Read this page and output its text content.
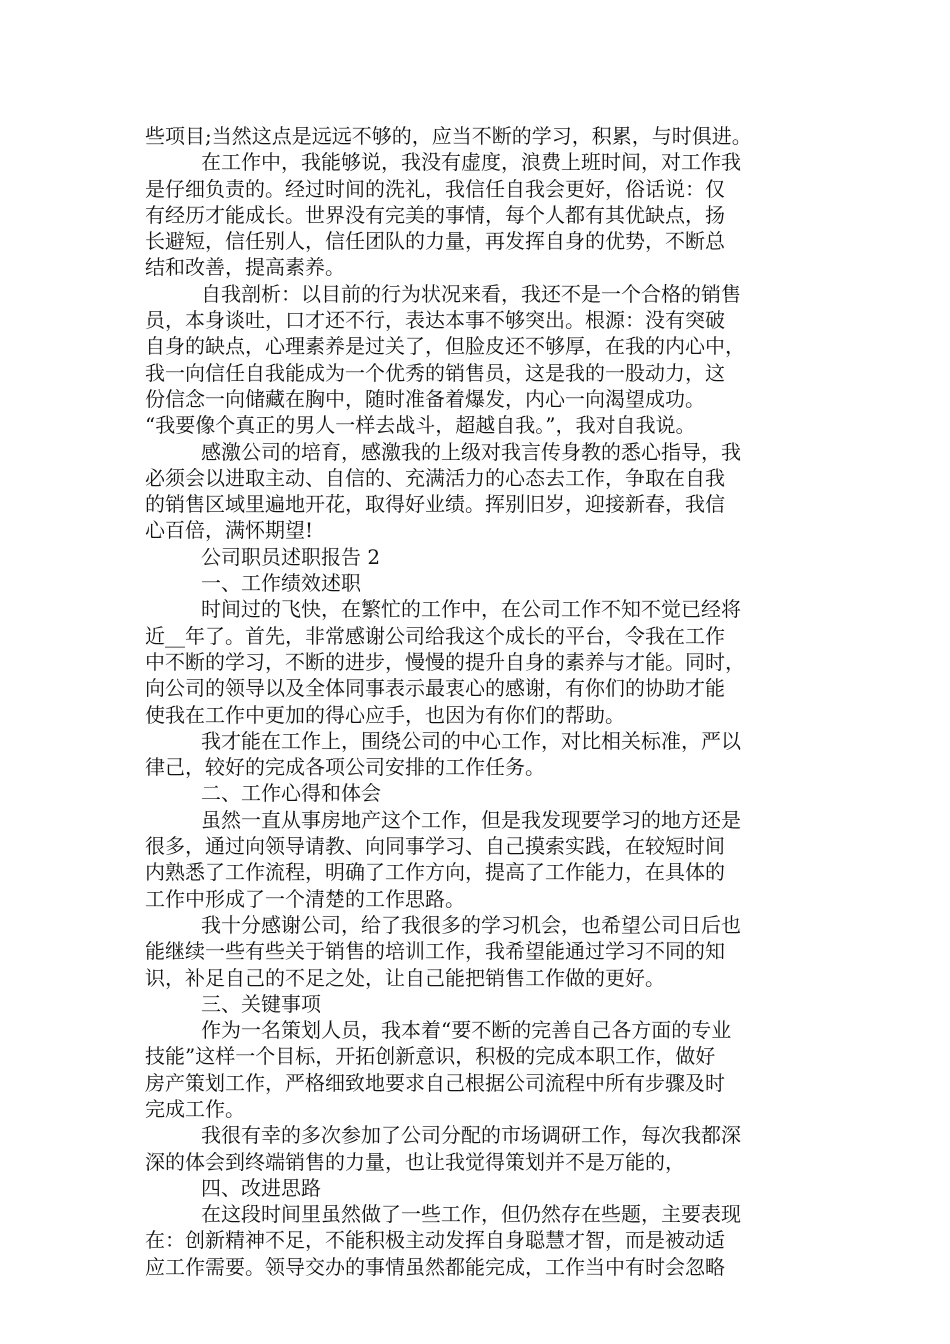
些项目;当然这点是远远不够的，应当不断的学习，积累，与时俱进。
在工作中，我能够说，我没有虚度，浪费上班时间，对工作我
是仔细负责的。经过时间的洗礼，我信任自我会更好，俗话说：仅
有经历才能成长。世界没有完美的事情，每个人都有其优缺点，扬
长避短，信任别人，信任团队的力量，再发挥自身的优势，不断总
结和改善，提高素养。
自我剖析：以目前的行为状况来看，我还不是一个合格的销售
员，本身谈吐，口才还不行，表达本事不够突出。根源：没有突破
自身的缺点，心理素养是过关了，但脸皮还不够厚，在我的内心中，
我一向信任自我能成为一个优秀的销售员，这是我的一股动力，这
份信念一向储藏在胸中，随时准备着爆发，内心一向渴望成功。
“我要像个真正的男人一样去战斗，超越自我。”，我对自我说。
感激公司的培育，感激我的上级对我言传身教的悉心指导，我
必须会以进取主动、自信的、充满活力的心态去工作，争取在自我
的销售区域里遍地开花，取得好业绩。挥别旧岁，迎接新春，我信
心百倍，满怀期望!
公司职员述职报告 2
一、工作绩效述职
时间过的飞快，在繁忙的工作中，在公司工作不知不觉已经将
近__年了。首先，非常感谢公司给我这个成长的平台，令我在工作
中不断的学习，不断的进步，慢慢的提升自身的素养与才能。同时，
向公司的领导以及全体同事表示最衷心的感谢，有你们的协助才能
使我在工作中更加的得心应手，也因为有你们的帮助。
我才能在工作上，围绕公司的中心工作，对比相关标准，严以
律己，较好的完成各项公司安排的工作任务。
二、工作心得和体会
虽然一直从事房地产这个工作，但是我发现要学习的地方还是
很多，通过向领导请教、向同事学习、自己摸索实践，在较短时间
内熟悉了工作流程，明确了工作方向，提高了工作能力，在具体的
工作中形成了一个清楚的工作思路。
我十分感谢公司，给了我很多的学习机会，也希望公司日后也
能继续一些有些关于销售的培训工作，我希望能通过学习不同的知
识，补足自己的不足之处，让自己能把销售工作做的更好。
三、关键事项
作为一名策划人员，我本着“要不断的完善自己各方面的专业
技能”这样一个目标，开拓创新意识，积极的完成本职工作，做好
房产策划工作，严格细致地要求自己根据公司流程中所有步骤及时
完成工作。
我很有幸的多次参加了公司分配的市场调研工作，每次我都深
深的体会到终端销售的力量，也让我觉得策划并不是万能的，
四、改进思路
在这段时间里虽然做了一些工作，但仍然存在些题，主要表现
在：创新精神不足，不能积极主动发挥自身聪慧才智，而是被动适
应工作需要。领导交办的事情虽然都能完成，工作当中有时会忽略
